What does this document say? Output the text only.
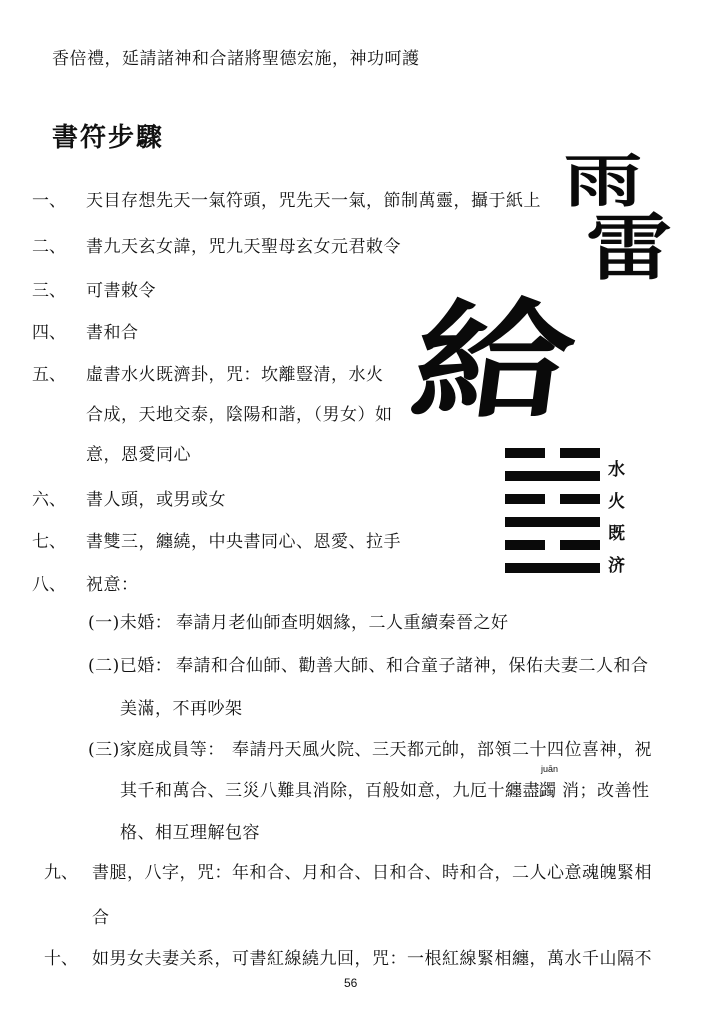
香倍禮，延請諸神和合諸將聖德宏施，神功呵護
書符步驟
一、 天目存想先天一氣符頭，咒先天一氣，節制萬靈，攝于紙上
二、 書九天玄女諱，咒九天聖母玄女元君敕令
三、 可書敕令
四、 書和合
五、 虛書水火既濟卦，咒：坎離豎清，水火
合成，天地交泰，陰陽和諧，（男女）如
意，恩愛同心
六、 書人頭，或男或女
七、 書雙三，纏繞，中央書同心、恩愛、拉手
八、 祝意：
(一)未婚： 奉請月老仙師查明姻緣，二人重續秦晉之好
(二)已婚： 奉請和合仙師、勸善大師、和合童子諸神，保佑夫妻二人和合
美滿，不再吵架
(三)家庭成員等： 奉請丹天風火院、三天都元帥，部領二十四位喜神，祝
其千和萬合、三災八難具消除，百般如意，九厄十纏盡
juān
蠲 消；改善性
格、相互理解包容
九、 書腿，八字，咒：年和合、月和合、日和合、時和合，二人心意魂魄緊相
合
十、 如男女夫妻关系，可書紅線繞九回，咒：一根紅線緊相纏，萬水千山隔不
雨
雷
給
水
火
既
济
56
